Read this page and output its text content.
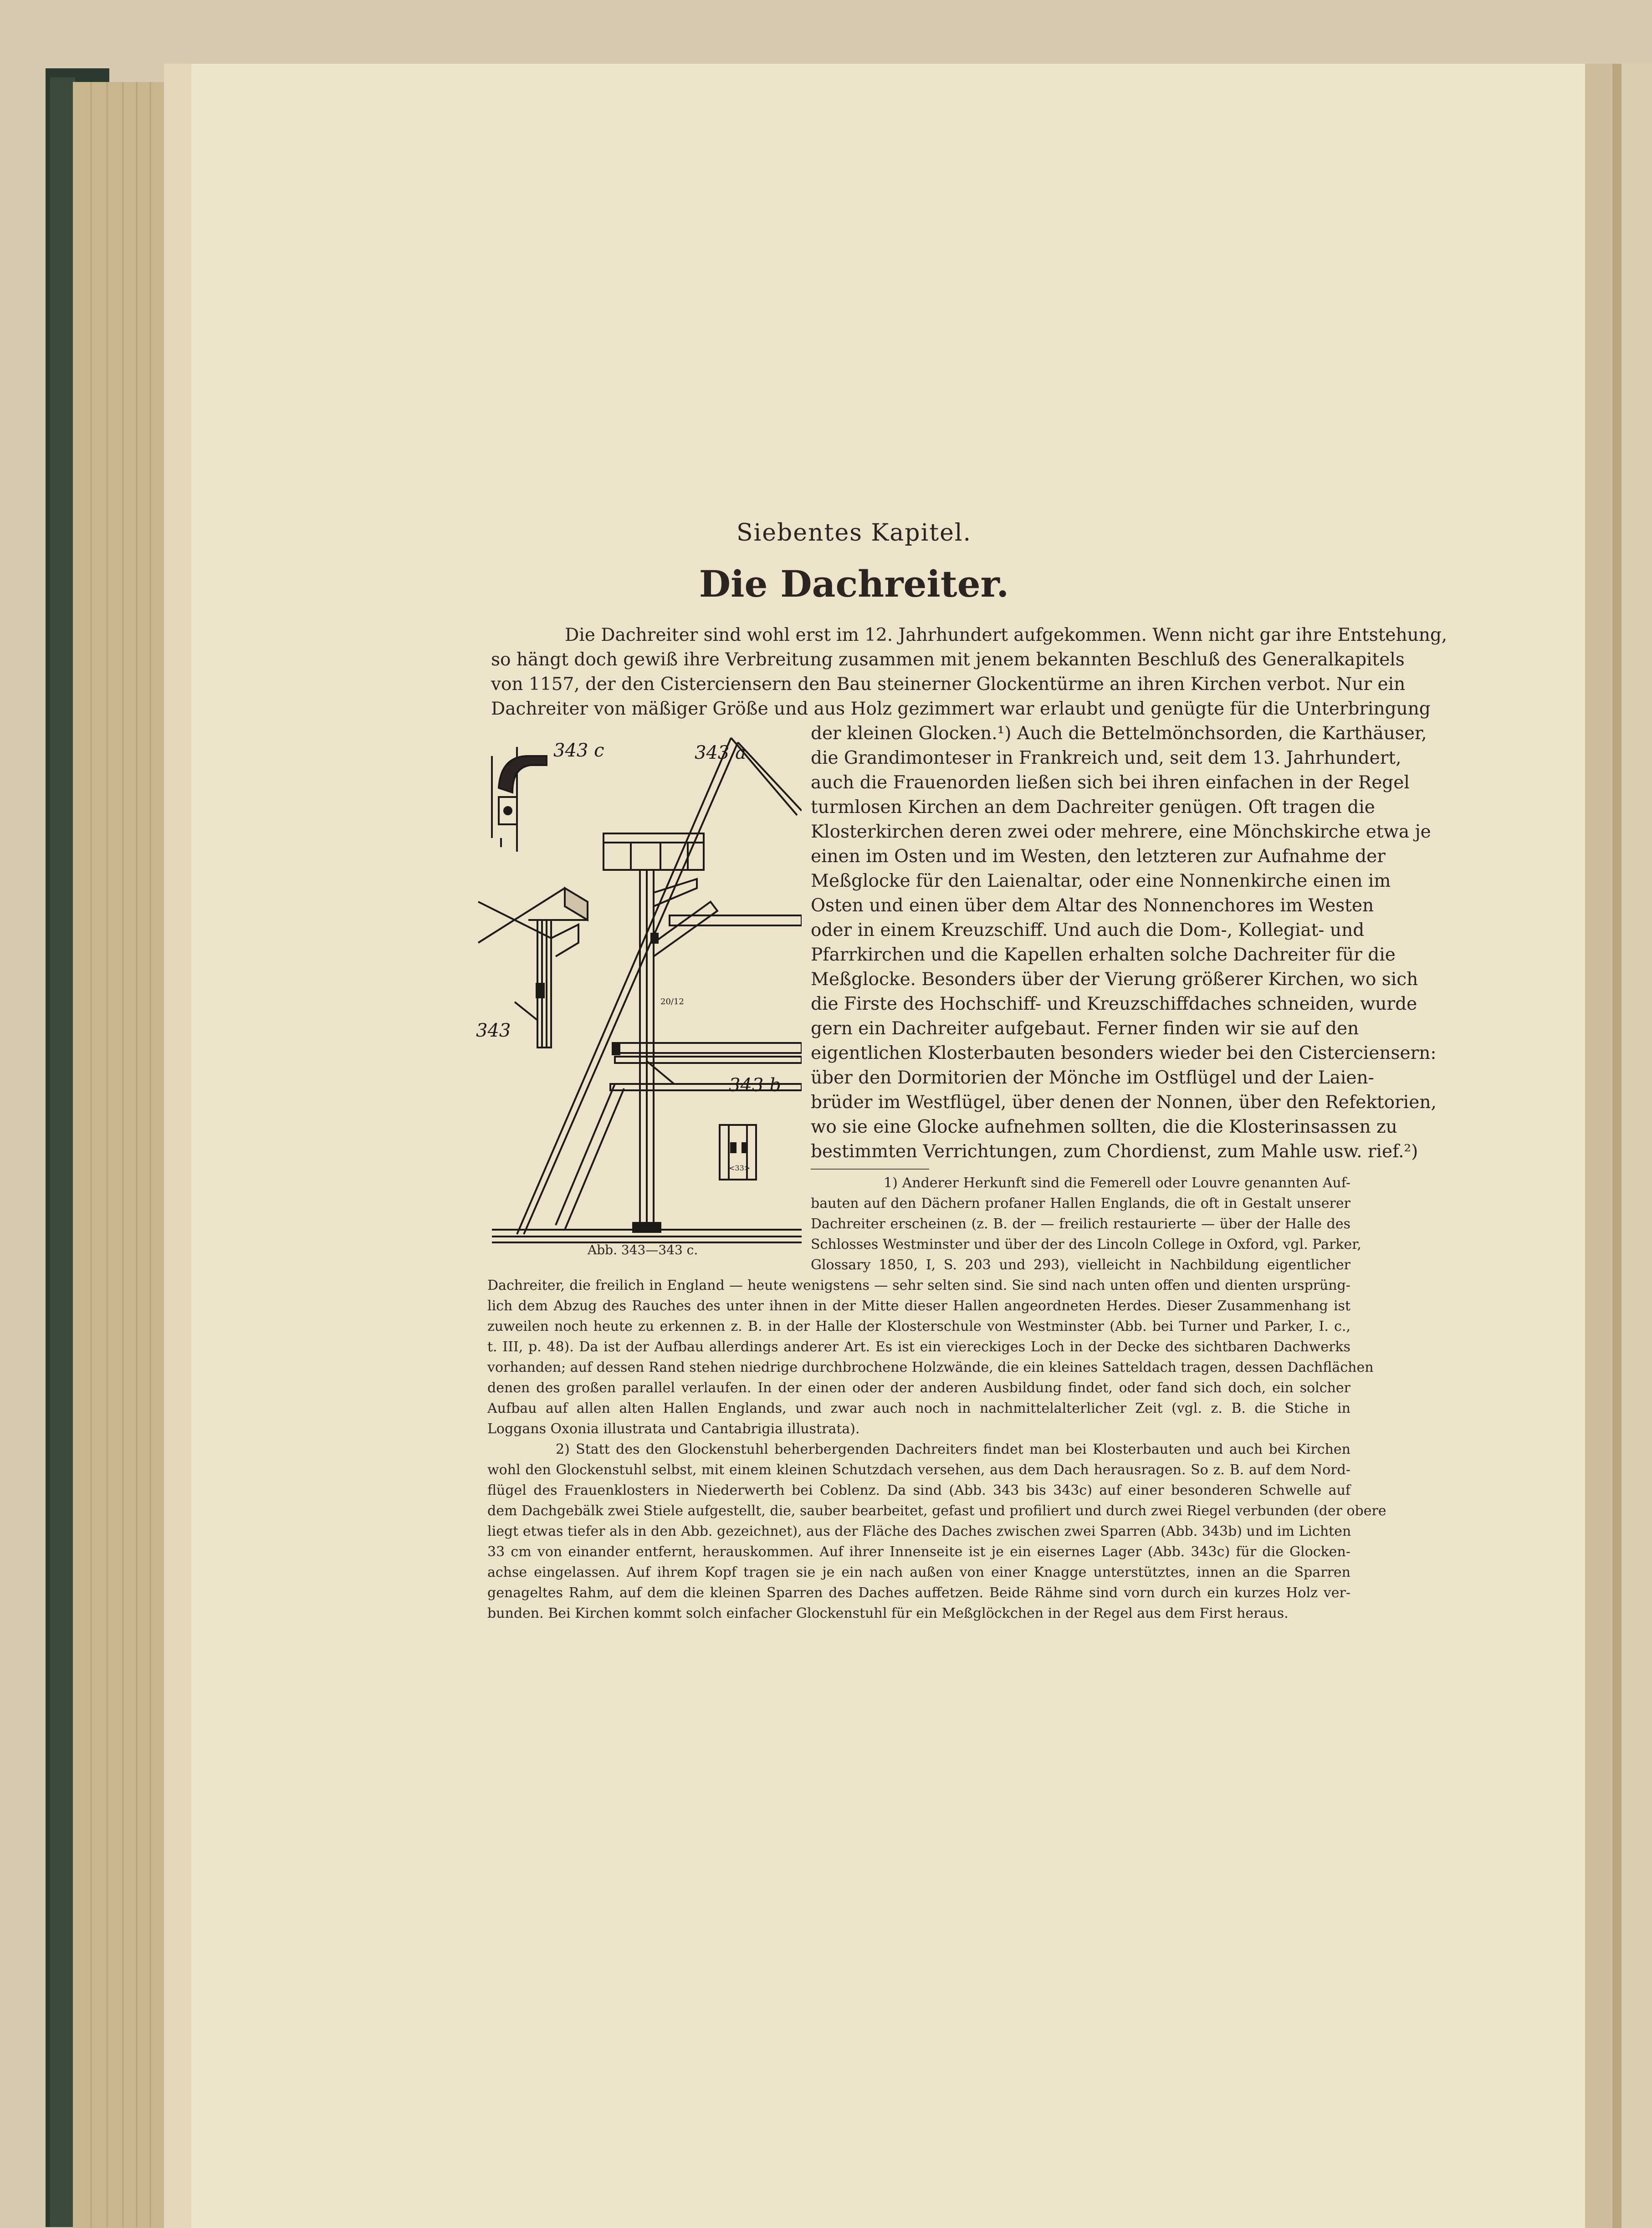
Siebentes Kapitel.
Die Dachreiter.
Die Dachreiter sind wohl erst im 12. Jahrhundert aufgekommen. Wenn nicht gar ihre Entstehung,
so hängt doch gewiß ihre Verbreitung zusammen mit jenem bekannten Beschluß des Generalkapitels
von 1157, der den Cisterciensern den Bau steinerner Glockentürme an ihren Kirchen verbot. Nur ein
Dachreiter von mäßiger Größe und aus Holz gezimmert war erlaubt und genügte für die Unterbringung
der kleinen Glocken.¹) Auch die Bettelmönchsorden, die Karthäuser,
die Grandimonteser in Frankreich und, seit dem 13. Jahrhundert,
auch die Frauenorden ließen sich bei ihren einfachen in der Regel
turmlosen Kirchen an dem Dachreiter genügen. Oft tragen die
Klosterkirchen deren zwei oder mehrere, eine Mönchskirche etwa je
einen im Osten und im Westen, den letzteren zur Aufnahme der
Meßglocke für den Laienaltar, oder eine Nonnenkirche einen im
Osten und einen über dem Altar des Nonnenchores im Westen
oder in einem Kreuzschiff. Und auch die Dom-, Kollegiat- und
Pfarrkirchen und die Kapellen erhalten solche Dachreiter für die
Meßglocke. Besonders über der Vierung größerer Kirchen, wo sich
die Firste des Hochschiff- und Kreuzschiffdaches schneiden, wurde
gern ein Dachreiter aufgebaut. Ferner finden wir sie auf den
eigentlichen Klosterbauten besonders wieder bei den Cisterciensern:
über den Dormitorien der Mönche im Ostflügel und der Laien-
brüder im Westflügel, über denen der Nonnen, über den Refektorien,
wo sie eine Glocke aufnehmen sollten, die die Klosterinsassen zu
bestimmten Verrichtungen, zum Chordienst, zum Mahle usw. rief.²)
1) Anderer Herkunft sind die Femerell oder Louvre genannten Auf-
bauten auf den Dächern profaner Hallen Englands, die oft in Gestalt unserer
Dachreiter erscheinen (z. B. der — freilich restaurierte — über der Halle des
Schlosses Westminster und über der des Lincoln College in Oxford, vgl. Parker,
Glossary 1850, I, S. 203 und 293), vielleicht in Nachbildung eigentlicher
Dachreiter, die freilich in England — heute wenigstens — sehr selten sind. Sie sind nach unten offen und dienten ursprüng-
lich dem Abzug des Rauches des unter ihnen in der Mitte dieser Hallen angeordneten Herdes. Dieser Zusammenhang ist
zuweilen noch heute zu erkennen z. B. in der Halle der Klosterschule von Westminster (Abb. bei Turner und Parker, I. c.,
t. III, p. 48). Da ist der Aufbau allerdings anderer Art. Es ist ein viereckiges Loch in der Decke des sichtbaren Dachwerks
vorhanden; auf dessen Rand stehen niedrige durchbrochene Holzwände, die ein kleines Satteldach tragen, dessen Dachflächen
denen des großen parallel verlaufen. In der einen oder der anderen Ausbildung findet, oder fand sich doch, ein solcher
Aufbau auf allen alten Hallen Englands, und zwar auch noch in nachmittelalterlicher Zeit (vgl. z. B. die Stiche in
Loggans Oxonia illustrata und Cantabrigia illustrata).
2) Statt des den Glockenstuhl beherbergenden Dachreiters findet man bei Klosterbauten und auch bei Kirchen
wohl den Glockenstuhl selbst, mit einem kleinen Schutzdach versehen, aus dem Dach herausragen. So z. B. auf dem Nord-
flügel des Frauenklosters in Niederwerth bei Coblenz. Da sind (Abb. 343 bis 343c) auf einer besonderen Schwelle auf
dem Dachgebälk zwei Stiele aufgestellt, die, sauber bearbeitet, gefast und profiliert und durch zwei Riegel verbunden (der obere
liegt etwas tiefer als in den Abb. gezeichnet), aus der Fläche des Daches zwischen zwei Sparren (Abb. 343b) und im Lichten
33 cm von einander entfernt, herauskommen. Auf ihrer Innenseite ist je ein eisernes Lager (Abb. 343c) für die Glocken-
achse eingelassen. Auf ihrem Kopf tragen sie je ein nach außen von einer Knagge unterstütztes, innen an die Sparren
genageltes Rahm, auf dem die kleinen Sparren des Daches auffetzen. Beide Rähme sind vorn durch ein kurzes Holz ver-
bunden. Bei Kirchen kommt solch einfacher Glockenstuhl für ein Meßglöckchen in der Regel aus dem First heraus.
20/12
<33>
343 c	343 a
343
343 b
Abb. 343—343 c.
